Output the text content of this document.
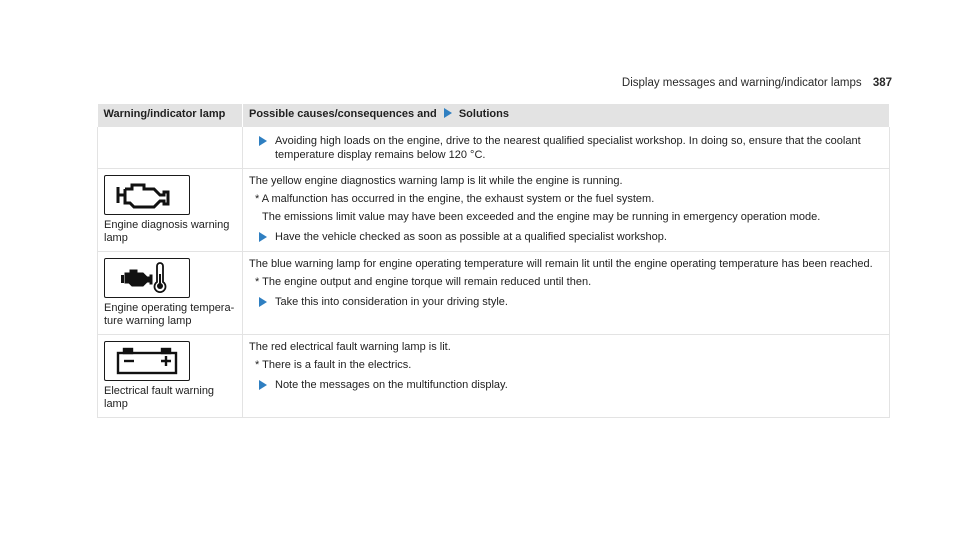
Display messages and warning/indicator lamps 387
Warning/indicator lamp	Possible causes/consequences and Solutions

Avoiding high loads on the engine, drive to the nearest qualified specialist workshop. In doing so, ensure that the coolant temperature display remains below 120 °C.

Engine diagnosis warning lamp	The yellow engine diagnostics warning lamp is lit while the engine is running.
* A malfunction has occurred in the engine, the exhaust system or the fuel system.
The emissions limit value may have been exceeded and the engine may be running in emergency operation mode.
Have the vehicle checked as soon as possible at a qualified specialist workshop.

Engine operating tempera- ture warning lamp	The blue warning lamp for engine operating temperature will remain lit until the engine operating temperature has been reached.
* The engine output and engine torque will remain reduced until then.
Take this into consideration in your driving style.

Electrical fault warning lamp	The red electrical fault warning lamp is lit.
* There is a fault in the electrics.
Note the messages on the multifunction display.
